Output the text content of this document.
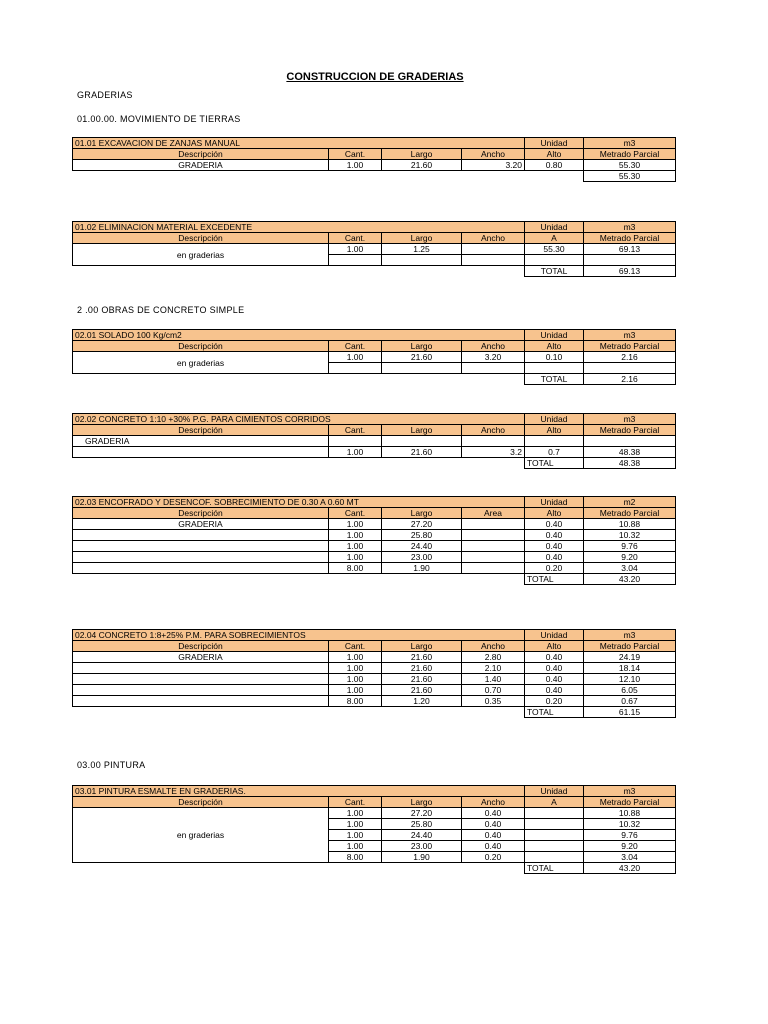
CONSTRUCCION DE GRADERIAS
GRADERIAS
01.00.00. MOVIMIENTO DE TIERRAS
01.01 EXCAVACION DE ZANJAS MANUAL				Unidad	m3
Descripción	Cant.	Largo	Ancho	Alto	Metrado Parcial
GRADERIA	1.00	21.60	3.20	0.80	55.30
					55.30
01.02 ELIMINACION MATERIAL EXCEDENTE				Unidad	m3
Descripción	Cant.	Largo	Ancho	A	Metrado Parcial
en graderias	1.00	1.25		55.30	69.13

				TOTAL	69.13
2 .00 OBRAS DE CONCRETO SIMPLE
02.01 SOLADO 100 Kg/cm2				Unidad	m3
Descripción	Cant.	Largo	Ancho	Alto	Metrado Parcial
en graderias	1.00	21.60	3.20	0.10	2.16

				TOTAL	2.16
02.02 CONCRETO 1:10 +30% P.G. PARA CIMIENTOS CORRIDOS				Unidad	m3
Descripción	Cant.	Largo	Ancho	Alto	Metrado Parcial
GRADERIA					
	1.00	21.60	3.2	0.7	48.38
				TOTAL	48.38
02.03 ENCOFRADO Y DESENCOF. SOBRECIMIENTO DE 0.30 A 0.60 MT				Unidad	m2
Descripción	Cant.	Largo	Area	Alto	Metrado Parcial
GRADERIA	1.00	27.20		0.40	10.88
	1.00	25.80		0.40	10.32
	1.00	24.40		0.40	9.76
	1.00	23.00		0.40	9.20
	8.00	1.90		0.20	3.04
				TOTAL	43.20
02.04 CONCRETO 1:8+25% P.M. PARA SOBRECIMIENTOS				Unidad	m3
Descripción	Cant.	Largo	Ancho	Alto	Metrado Parcial
GRADERIA	1.00	21.60	2.80	0.40	24.19
	1.00	21.60	2.10	0.40	18.14
	1.00	21.60	1.40	0.40	12.10
	1.00	21.60	0.70	0.40	6.05
	8.00	1.20	0.35	0.20	0.67
				TOTAL	61.15
03.00 PINTURA
03.01 PINTURA ESMALTE EN GRADERIAS.				Unidad	m3
Descripción	Cant.	Largo	Ancho	A	Metrado Parcial
en graderias	1.00	27.20	0.40		10.88
	1.00	25.80	0.40		10.32
	1.00	24.40	0.40		9.76
	1.00	23.00	0.40		9.20
	8.00	1.90	0.20		3.04
				TOTAL	43.20
